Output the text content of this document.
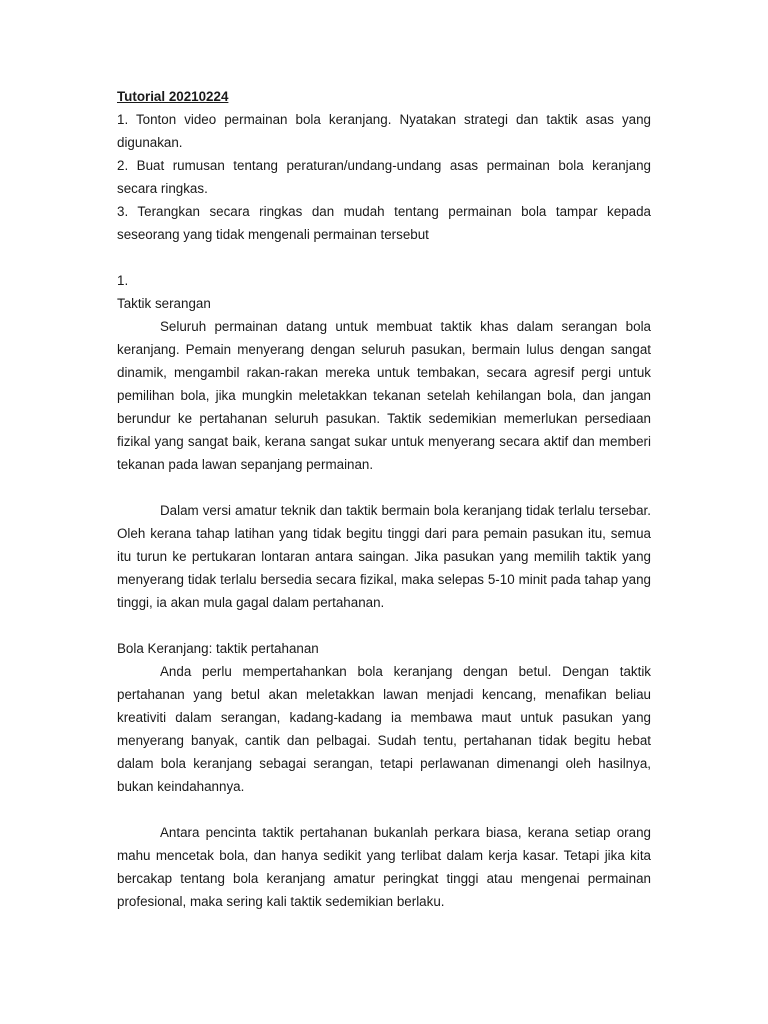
Tutorial 20210224

1. Tonton video permainan bola keranjang. Nyatakan strategi dan taktik asas yang digunakan.

2. Buat rumusan tentang peraturan/undang-undang asas permainan bola keranjang secara ringkas.

3. Terangkan secara ringkas dan mudah tentang permainan bola tampar kepada seseorang yang tidak mengenali permainan tersebut

1.

Taktik serangan

Seluruh permainan datang untuk membuat taktik khas dalam serangan bola keranjang. Pemain menyerang dengan seluruh pasukan, bermain lulus dengan sangat dinamik, mengambil rakan-rakan mereka untuk tembakan, secara agresif pergi untuk pemilihan bola, jika mungkin meletakkan tekanan setelah kehilangan bola, dan jangan berundur ke pertahanan seluruh pasukan. Taktik sedemikian memerlukan persediaan fizikal yang sangat baik, kerana sangat sukar untuk menyerang secara aktif dan memberi tekanan pada lawan sepanjang permainan.

Dalam versi amatur teknik dan taktik bermain bola keranjang tidak terlalu tersebar. Oleh kerana tahap latihan yang tidak begitu tinggi dari para pemain pasukan itu, semua itu turun ke pertukaran lontaran antara saingan. Jika pasukan yang memilih taktik yang menyerang tidak terlalu bersedia secara fizikal, maka selepas 5-10 minit pada tahap yang tinggi, ia akan mula gagal dalam pertahanan.

Bola Keranjang: taktik pertahanan

Anda perlu mempertahankan bola keranjang dengan betul. Dengan taktik pertahanan yang betul akan meletakkan lawan menjadi kencang, menafikan beliau kreativiti dalam serangan, kadang-kadang ia membawa maut untuk pasukan yang menyerang banyak, cantik dan pelbagai. Sudah tentu, pertahanan tidak begitu hebat dalam bola keranjang sebagai serangan, tetapi perlawanan dimenangi oleh hasilnya, bukan keindahannya.

Antara pencinta taktik pertahanan bukanlah perkara biasa, kerana setiap orang mahu mencetak bola, dan hanya sedikit yang terlibat dalam kerja kasar. Tetapi jika kita bercakap tentang bola keranjang amatur peringkat tinggi atau mengenai permainan profesional, maka sering kali taktik sedemikian berlaku.
